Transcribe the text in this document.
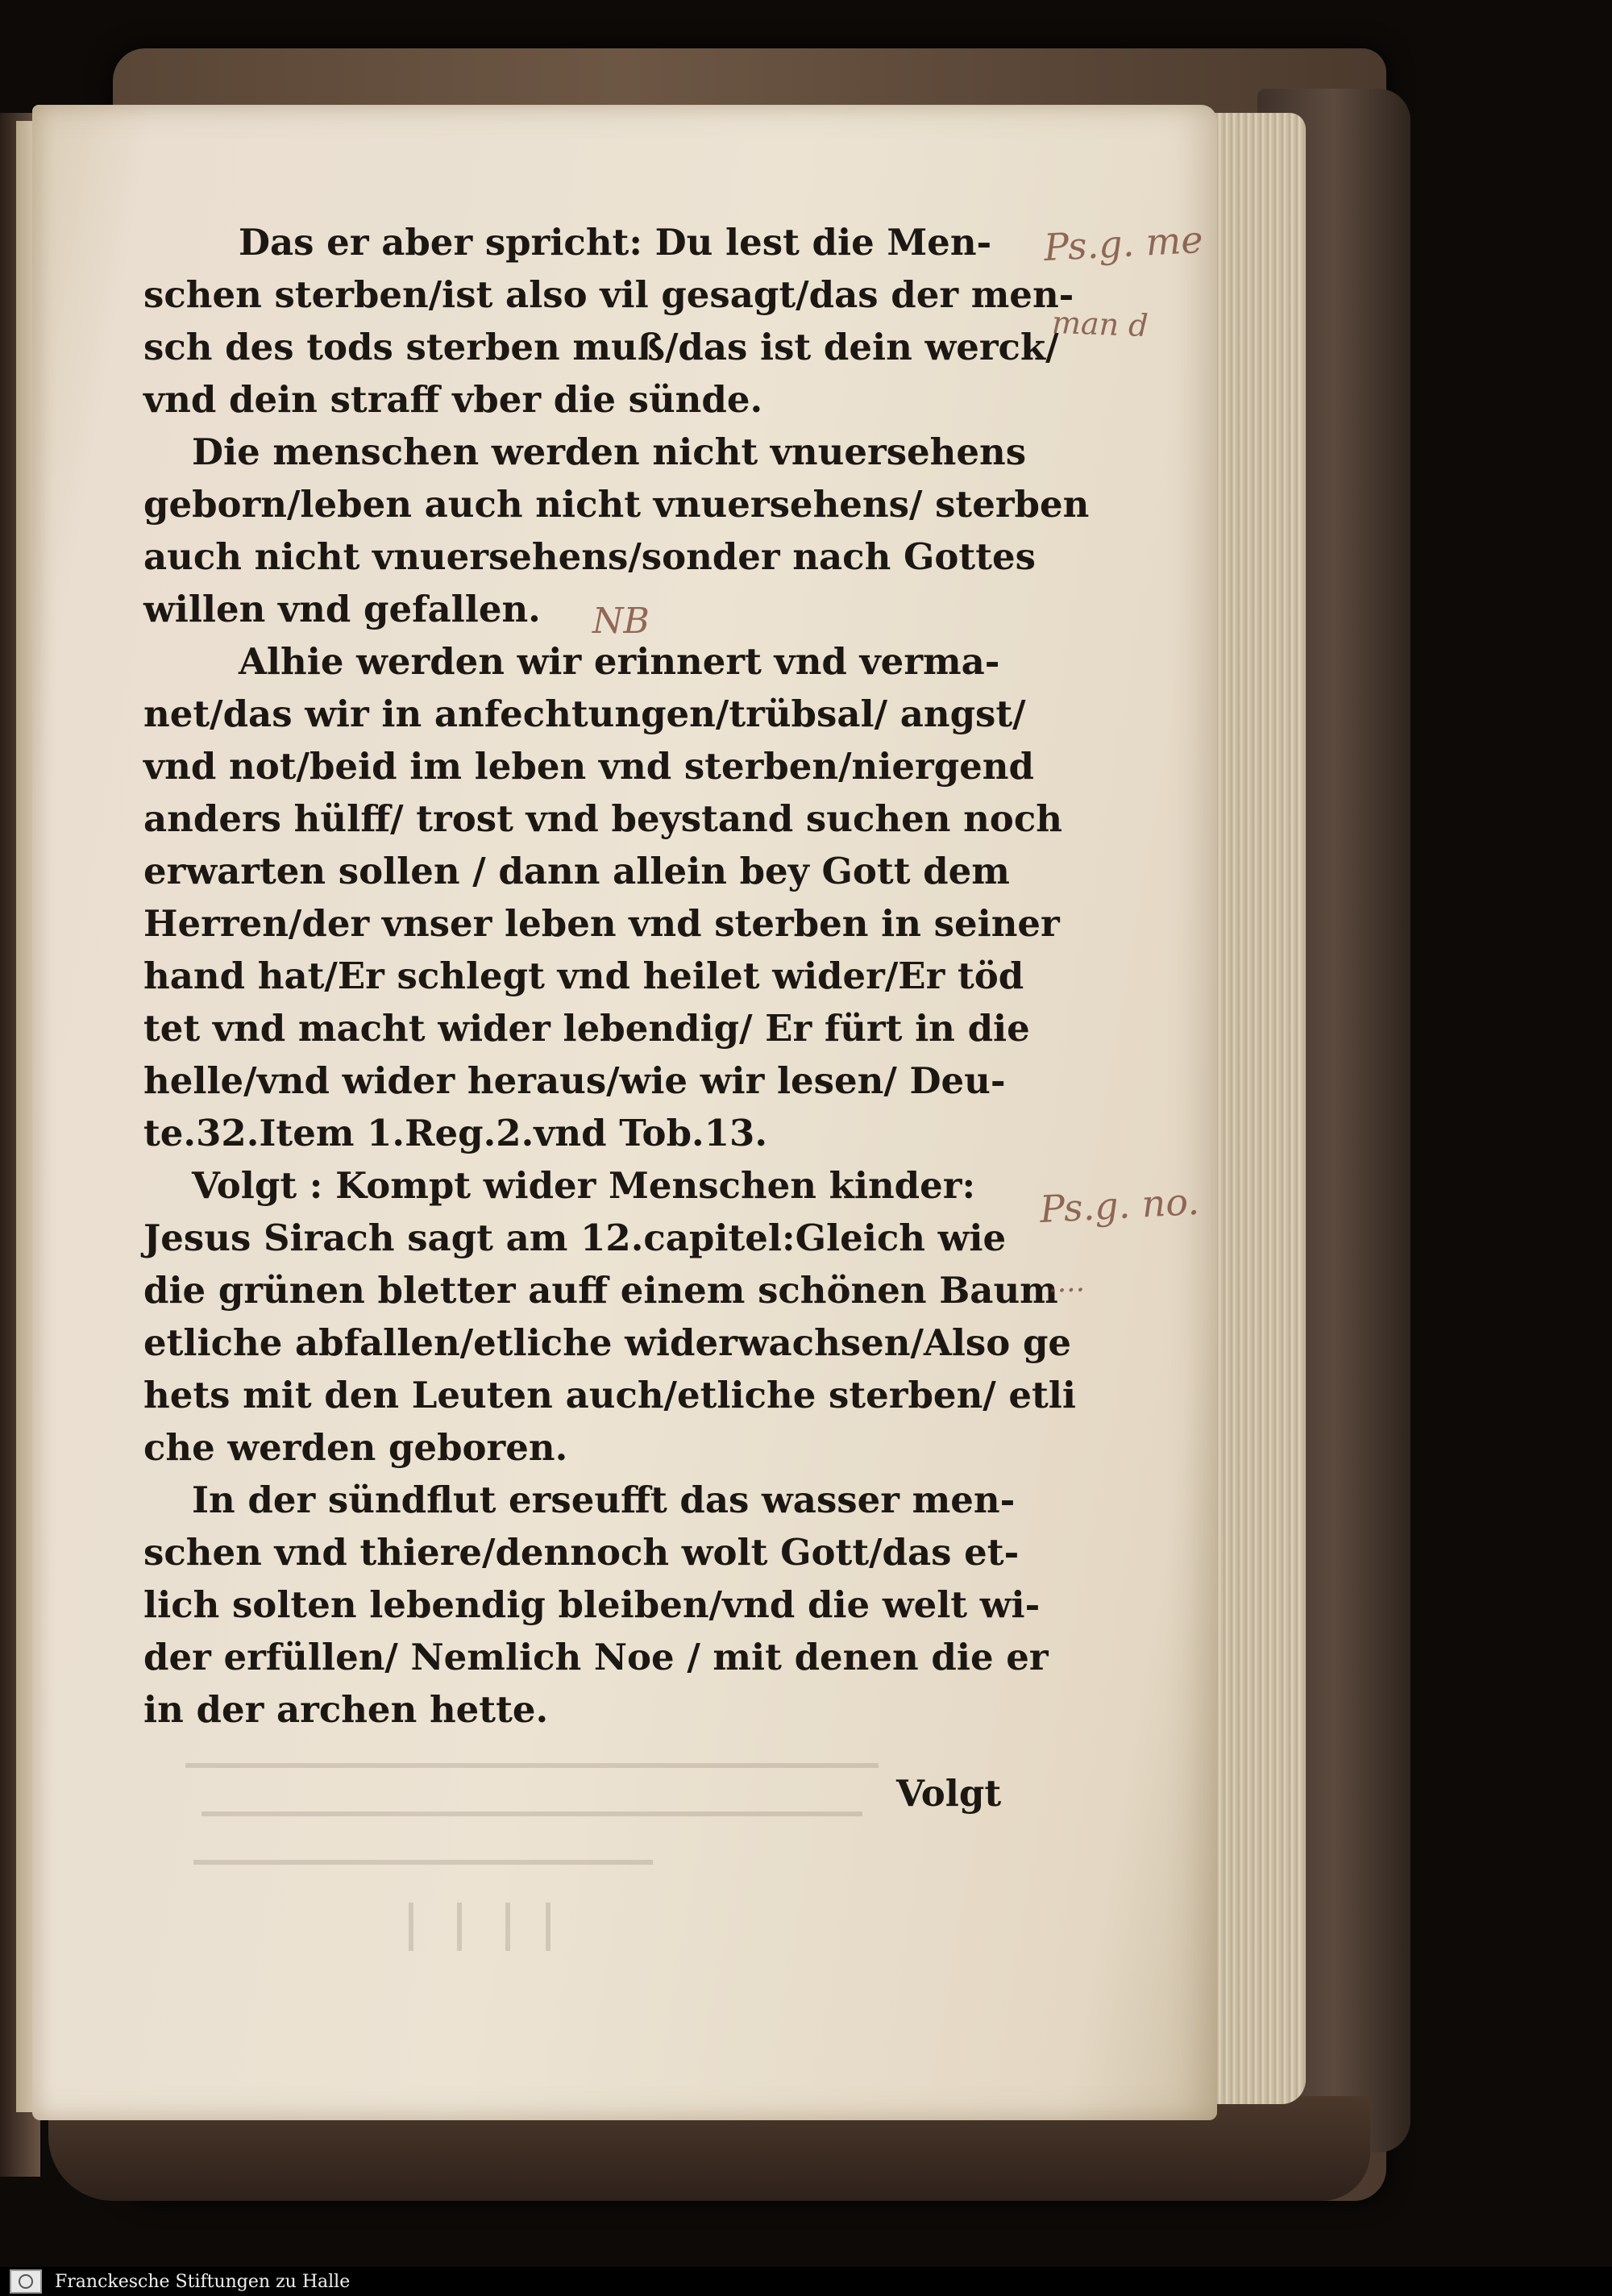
Das er aber spricht: Du lest die Men-
schen sterben/ist also vil gesagt/das der men-
sch des tods sterben muß/das ist dein werck/
vnd dein straff vber die sünde.
Die menschen werden nicht vnuersehens
geborn/leben auch nicht vnuersehens/ sterben
auch nicht vnuersehens/sonder nach Gottes
willen vnd gefallen.
Alhie werden wir erinnert vnd verma-
net/das wir in anfechtungen/trübsal/ angst/
vnd not/beid im leben vnd sterben/niergend
anders hülff/ trost vnd beystand suchen noch
erwarten sollen / dann allein bey Gott dem
Herren/der vnser leben vnd sterben in seiner
hand hat/Er schlegt vnd heilet wider/Er töd
tet vnd macht wider lebendig/ Er fürt in die
helle/vnd wider heraus/wie wir lesen/ Deu-
te.32.Item 1.Reg.2.vnd Tob.13.
Volgt : Kompt wider Menschen kinder:
Jesus Sirach sagt am 12.capitel:Gleich wie
die grünen bletter auff einem schönen Baum
etliche abfallen/etliche widerwachsen/Also ge
hets mit den Leuten auch/etliche sterben/ etli
che werden geboren.
In der sündflut erseufft das wasser men-
schen vnd thiere/dennoch wolt Gott/das et-
lich solten lebendig bleiben/vnd die welt wi-
der erfüllen/ Nemlich Noe / mit denen die er
in der archen hette.
Volgt
Ps.g. me
man d
NB
Ps.g. no.
....
Franckesche Stiftungen zu Halle
